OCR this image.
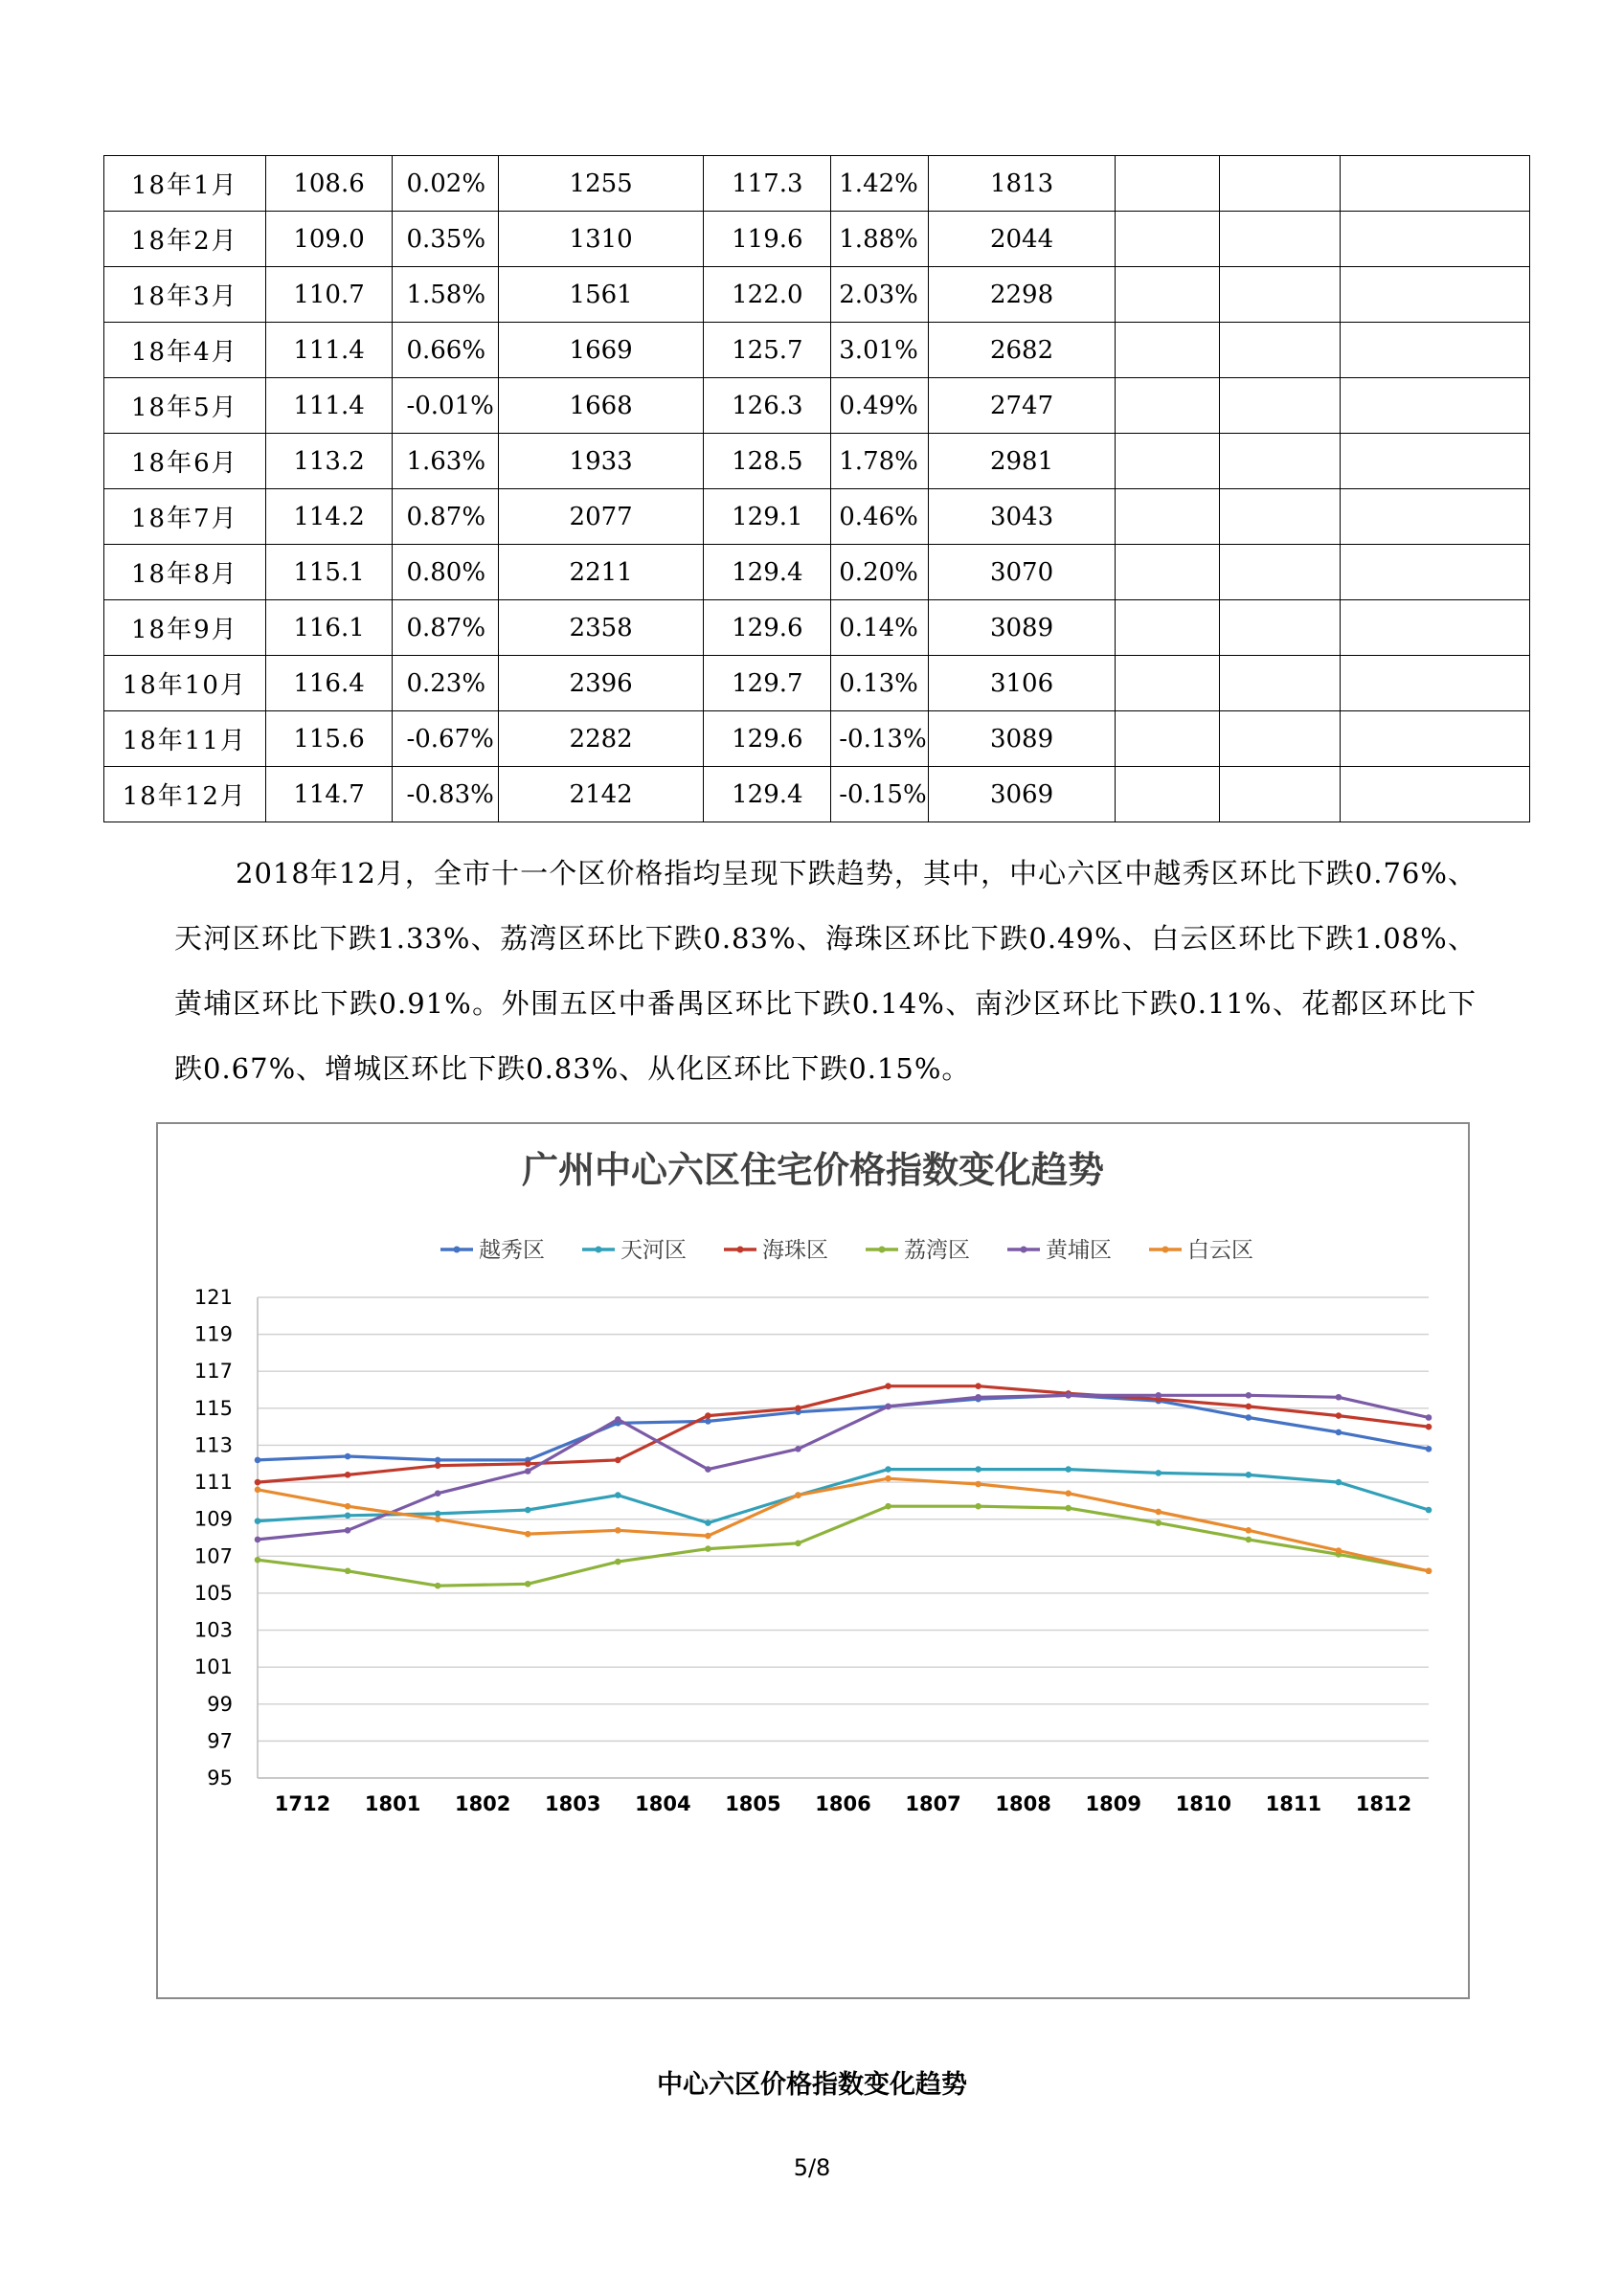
18年1月	108.6	0.02%	1255	117.3	1.42%	1813			
18年2月	109.0	0.35%	1310	119.6	1.88%	2044			
18年3月	110.7	1.58%	1561	122.0	2.03%	2298			
18年4月	111.4	0.66%	1669	125.7	3.01%	2682			
18年5月	111.4	-0.01%	1668	126.3	0.49%	2747			
18年6月	113.2	1.63%	1933	128.5	1.78%	2981			
18年7月	114.2	0.87%	2077	129.1	0.46%	3043			
18年8月	115.1	0.80%	2211	129.4	0.20%	3070			
18年9月	116.1	0.87%	2358	129.6	0.14%	3089			
18年10月	116.4	0.23%	2396	129.7	0.13%	3106			
18年11月	115.6	-0.67%	2282	129.6	-0.13%	3089			
18年12月	114.7	-0.83%	2142	129.4	-0.15%	3069			

2018年12月，全市十一个区价格指均呈现下跌趋势，其中，中心六区中越秀区环比下跌0.76%、天河区环比下跌1.33%、荔湾区环比下跌0.83%、海珠区环比下跌0.49%、白云区环比下跌1.08%、黄埔区环比下跌0.91%。外围五区中番禺区环比下跌0.14%、南沙区环比下跌0.11%、花都区环比下跌0.67%、增城区环比下跌0.83%、从化区环比下跌0.15%。

广州中心六区住宅价格指数变化趋势
95
97
99
101
103
105
107
109
111
113
115
117
119
121
1712 1801 1802 1803 1804 1805 1806 1807 1808 1809 1810 1811 1812
越秀区	天河区	海珠区	荔湾区	黄埔区	白云区
中心六区价格指数变化趋势
5/8
